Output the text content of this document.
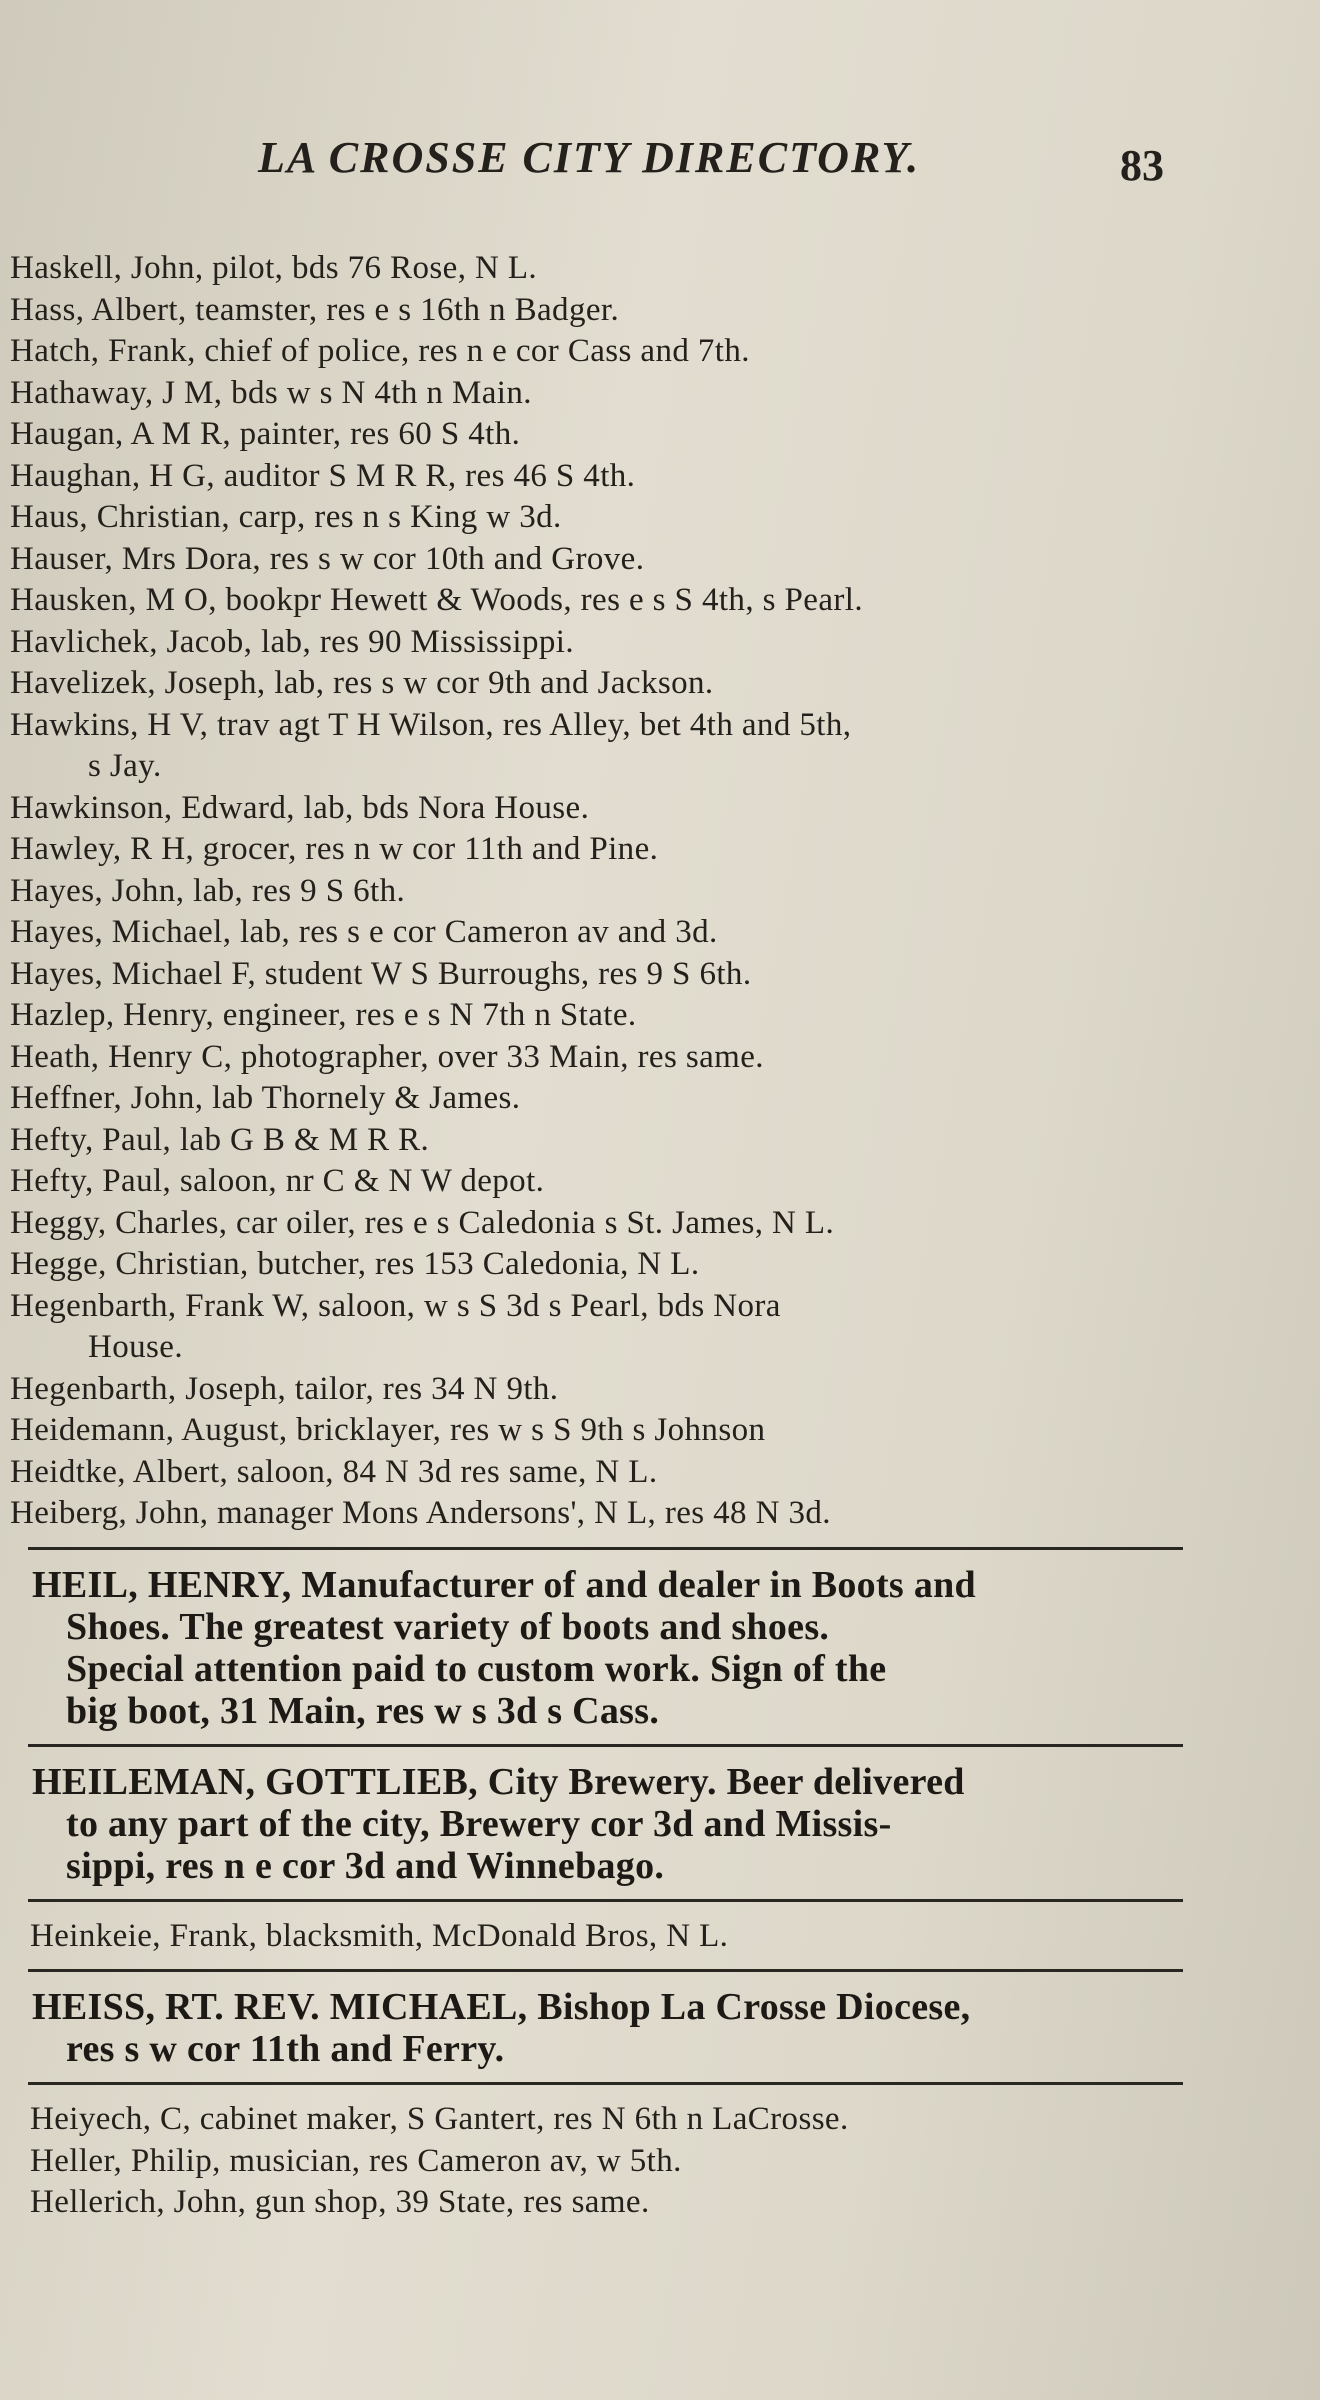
LA CROSSE CITY DIRECTORY.	83
Haskell, John, pilot, bds 76 Rose, N L.
Hass, Albert, teamster, res e s 16th n Badger.
Hatch, Frank, chief of police, res n e cor Cass and 7th.
Hathaway, J M, bds w s N 4th n Main.
Haugan, A M R, painter, res 60 S 4th.
Haughan, H G, auditor S M R R, res 46 S 4th.
Haus, Christian, carp, res n s King w 3d.
Hauser, Mrs Dora, res s w cor 10th and Grove.
Hausken, M O, bookpr Hewett & Woods, res e s S 4th, s Pearl.
Havlichek, Jacob, lab, res 90 Mississippi.
Havelizek, Joseph, lab, res s w cor 9th and Jackson.
Hawkins, H V, trav agt T H Wilson, res Alley, bet 4th and 5th,
s Jay.
Hawkinson, Edward, lab, bds Nora House.
Hawley, R H, grocer, res n w cor 11th and Pine.
Hayes, John, lab, res 9 S 6th.
Hayes, Michael, lab, res s e cor Cameron av and 3d.
Hayes, Michael F, student W S Burroughs, res 9 S 6th.
Hazlep, Henry, engineer, res e s N 7th n State.
Heath, Henry C, photographer, over 33 Main, res same.
Heffner, John, lab Thornely & James.
Hefty, Paul, lab G B & M R R.
Hefty, Paul, saloon, nr C & N W depot.
Heggy, Charles, car oiler, res e s Caledonia s St. James, N L.
Hegge, Christian, butcher, res 153 Caledonia, N L.
Hegenbarth, Frank W, saloon, w s S 3d s Pearl, bds Nora
House.
Hegenbarth, Joseph, tailor, res 34 N 9th.
Heidemann, August, bricklayer, res w s S 9th s Johnson
Heidtke, Albert, saloon, 84 N 3d res same, N L.
Heiberg, John, manager Mons Andersons', N L, res 48 N 3d.
HEIL, HENRY, Manufacturer of and dealer in Boots and
Shoes. The greatest variety of boots and shoes.
Special attention paid to custom work. Sign of the
big boot, 31 Main, res w s 3d s Cass.
HEILEMAN, GOTTLIEB, City Brewery. Beer delivered
to any part of the city, Brewery cor 3d and Missis-
sippi, res n e cor 3d and Winnebago.
Heinkeie, Frank, blacksmith, McDonald Bros, N L.
HEISS, RT. REV. MICHAEL, Bishop La Crosse Diocese,
res s w cor 11th and Ferry.
Heiyech, C, cabinet maker, S Gantert, res N 6th n LaCrosse.
Heller, Philip, musician, res Cameron av, w 5th.
Hellerich, John, gun shop, 39 State, res same.
